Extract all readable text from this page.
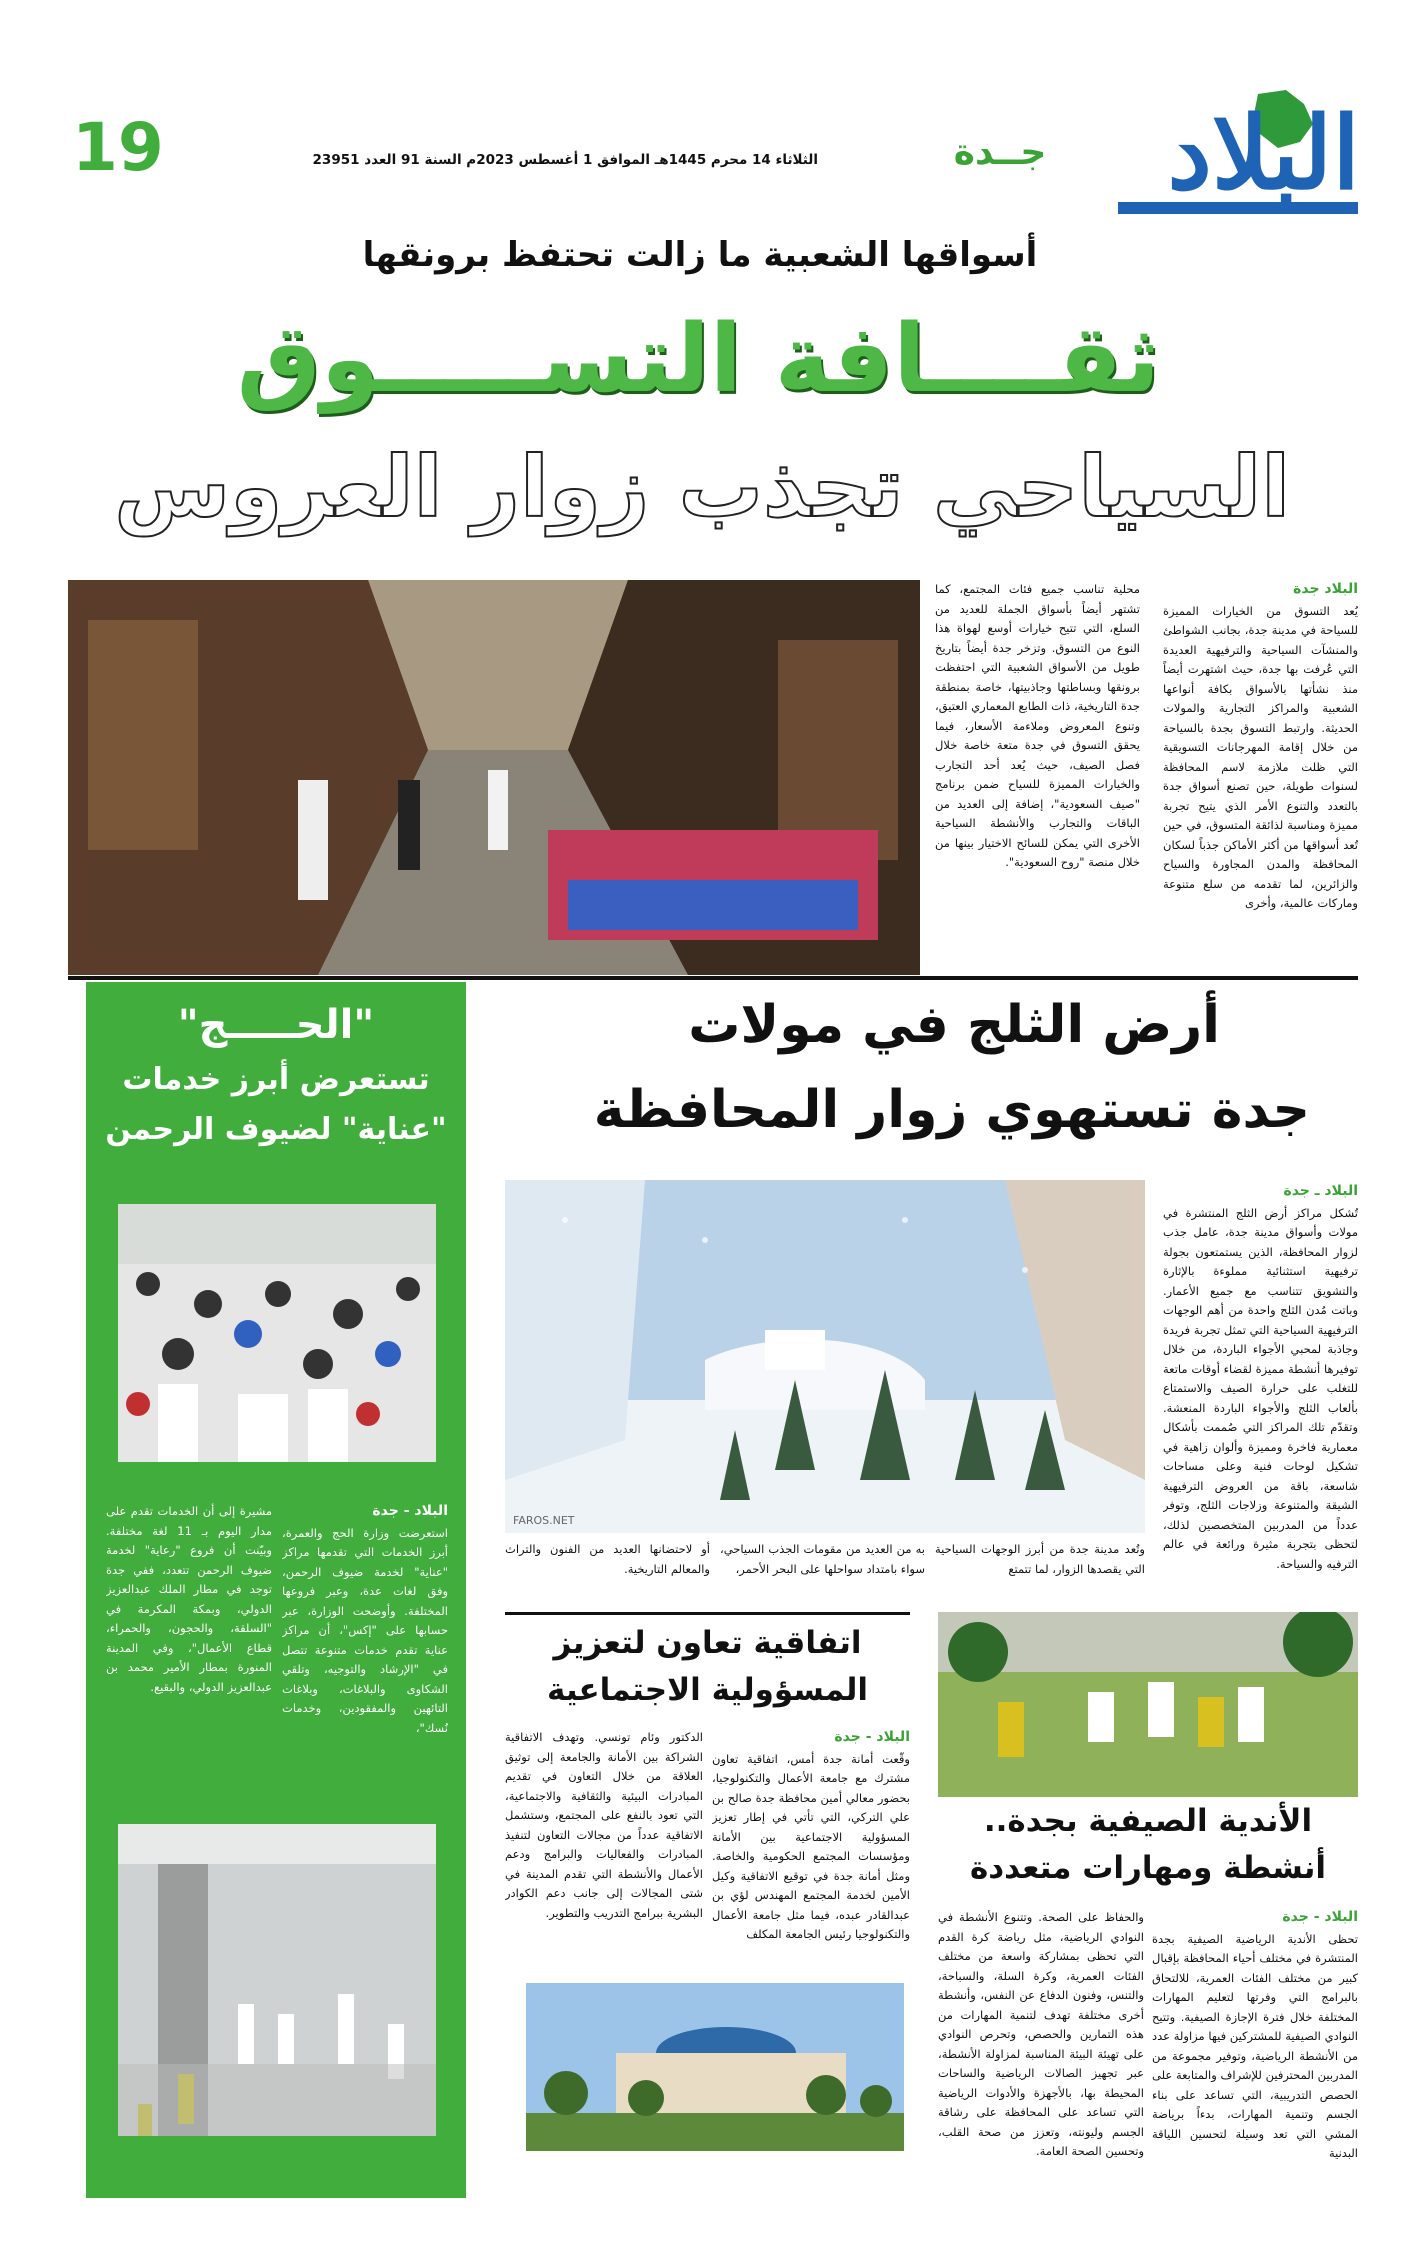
البلاد
جــدة
الثلاثاء 14 محرم 1445هـ الموافق 1 أغسطس 2023م السنة 91 العدد 23951
19
أسواقها الشعبية ما زالت تحتفظ برونقها
ثقــــافة التســـــوق
السياحي تجذب زوار العروس
البلاد جدة

يُعد التسوق من الخيارات المميزة للسياحة في مدينة جدة، بجانب الشواطئ والمنشآت السياحية والترفيهية العديدة التي عُرفت بها جدة، حيث اشتهرت أيضاً منذ نشأتها بالأسواق بكافة أنواعها الشعبية والمراكز التجارية والمولات الحديثة. وارتبط التسوق بجدة بالسياحة من خلال إقامة المهرجانات التسويقية التي ظلت ملازمة لاسم المحافظة لسنوات طويلة، حين تصنع أسواق جدة بالتعدد والتنوع الأمر الذي يتيح تجربة مميزة ومناسبة لذائقة المتسوق، في حين تُعد أسواقها من أكثر الأماكن جذباً لسكان المحافظة والمدن المجاورة والسياح والزائرين، لما تقدمه من سلع متنوعة وماركات عالمية، وأخرى

محلية تناسب جميع فئات المجتمع، كما تشتهر أيضاً بأسواق الجملة للعديد من السلع، التي تتيح خيارات أوسع لهواة هذا النوع من التسوق. وتزخر جدة أيضاً بتاريخ طويل من الأسواق الشعبية التي احتفظت برونقها وبساطتها وجاذبيتها، خاصة بمنطقة جدة التاريخية، ذات الطابع المعماري العتيق، وتنوع المعروض وملاءمة الأسعار، فيما يحقق التسوق في جدة متعة خاصة خلال فصل الصيف، حيث يُعد أحد التجارب والخيارات المميزة للسياح ضمن برنامج "صيف السعودية"، إضافة إلى العديد من الباقات والتجارب والأنشطة السياحية الأخرى التي يمكن للسائح الاختيار بينها من خلال منصة "روح السعودية".

"الحـــــج"
تستعرض أبرز خدمات
"عناية" لضيوف الرحمن
البلاد - جدة

استعرضت وزارة الحج والعمرة، أبرز الخدمات التي تقدمها مراكز "عناية" لخدمة ضيوف الرحمن، وفق لغات عدة، وعبر فروعها المختلفة. وأوضحت الوزارة، عبر حسابها على "إكس"، أن مراكز عناية تقدم خدمات متنوعة تتصل في "الإرشاد والتوجيه، وتلقي الشكاوى والبلاغات، وبلاغات التائهين والمفقودين، وخدمات نُسك"،

مشيرة إلى أن الخدمات تقدم على مدار اليوم بـ 11 لغة مختلفة. وبيّنت أن فروع "رعاية" لخدمة ضيوف الرحمن تتعدد، ففي جدة توجد في مطار الملك عبدالعزيز الدولي، وبمكة المكرمة في "السلقة، والحجون، والحمراء، قطاع الأعمال"، وفي المدينة المنورة بمطار الأمير محمد بن عبدالعزيز الدولي، والبقيع.

أرض الثلج في مولات
جدة تستهوي زوار المحافظة
FAROS.NET
البلاد ـ جدة

تُشكل مراكز أرض الثلج المنتشرة في مولات وأسواق مدينة جدة، عامل جذب لزوار المحافظة، الذين يستمتعون بجولة ترفيهية استثنائية مملوءة بالإثارة والتشويق تتناسب مع جميع الأعمار. وباتت مُدن الثلج واحدة من أهم الوجهات الترفيهية السياحية التي تمثل تجربة فريدة وجاذبة لمحبي الأجواء الباردة، من خلال توفيرها أنشطة مميزة لقضاء أوقات ماتعة للتغلب على حرارة الصيف والاستمتاع بألعاب الثلج والأجواء الباردة المنعشة. وتقدّم تلك المراكز التي صُممت بأشكال معمارية فاخرة ومميزة وألوان زاهية في تشكيل لوحات فنية وعلى مساحات شاسعة، باقة من العروض الترفيهية الشيقة والمتنوعة وزلاجات الثلج، وتوفر عدداً من المدربين المتخصصين لذلك، لتحظى بتجربة مثيرة ورائعة في عالم الترفيه والسياحة.

وتُعد مدينة جدة من أبرز الوجهات السياحية التي يقصدها الزوار، لما تتمتع

به من العديد من مقومات الجذب السياحي، سواء بامتداد سواحلها على البحر الأحمر،

أو لاحتضانها العديد من الفنون والتراث والمعالم التاريخية.

اتفاقية تعاون لتعزيز
المسؤولية الاجتماعية
البلاد - جدة

وقّعت أمانة جدة أمس، اتفاقية تعاون مشترك مع جامعة الأعمال والتكنولوجيا، بحضور معالي أمين محافظة جدة صالح بن علي التركي، التي تأتي في إطار تعزيز المسؤولية الاجتماعية بين الأمانة ومؤسسات المجتمع الحكومية والخاصة. ومثل أمانة جدة في توقيع الاتفاقية وكيل الأمين لخدمة المجتمع المهندس لؤي بن عبدالقادر عبده، فيما مثل جامعة الأعمال والتكنولوجيا رئيس الجامعة المكلف

الدكتور وئام تونسي. وتهدف الاتفاقية الشراكة بين الأمانة والجامعة إلى توثيق العلاقة من خلال التعاون في تقديم المبادرات البيئية والثقافية والاجتماعية، التي تعود بالنفع على المجتمع، وستشمل الاتفاقية عدداً من مجالات التعاون لتنفيذ المبادرات والفعاليات والبرامج ودعم الأعمال والأنشطة التي تقدم المدينة في شتى المجالات إلى جانب دعم الكوادر البشرية ببرامج التدريب والتطوير.

الأندية الصيفية بجدة..
أنشطة ومهارات متعددة
البلاد - جدة

تحظى الأندية الرياضية الصيفية بجدة المنتشرة في مختلف أحياء المحافظة بإقبال كبير من مختلف الفئات العمرية، للالتحاق بالبرامج التي وفرتها لتعليم المهارات المختلفة خلال فترة الإجازة الصيفية. وتتيح النوادي الصيفية للمشتركين فيها مزاولة عدد من الأنشطة الرياضية، وتوفير مجموعة من المدربين المحترفين للإشراف والمتابعة على الحصص التدريبية، التي تساعد على بناء الجسم وتنمية المهارات، بدءاً برياضة المشي التي تعد وسيلة لتحسين اللياقة البدنية

والحفاظ على الصحة. وتتنوع الأنشطة في النوادي الرياضية، مثل رياضة كرة القدم التي تحظى بمشاركة واسعة من مختلف الفئات العمرية، وكرة السلة، والسباحة، والتنس، وفنون الدفاع عن النفس، وأنشطة أخرى مختلفة تهدف لتنمية المهارات من هذه التمارين والحصص، وتحرص النوادي على تهيئة البيئة المناسبة لمزاولة الأنشطة، عبر تجهيز الصالات الرياضية والساحات المحيطة بها، بالأجهزة والأدوات الرياضية التي تساعد على المحافظة على رشاقة الجسم وليونته، وتعزز من صحة القلب، وتحسين الصحة العامة.
